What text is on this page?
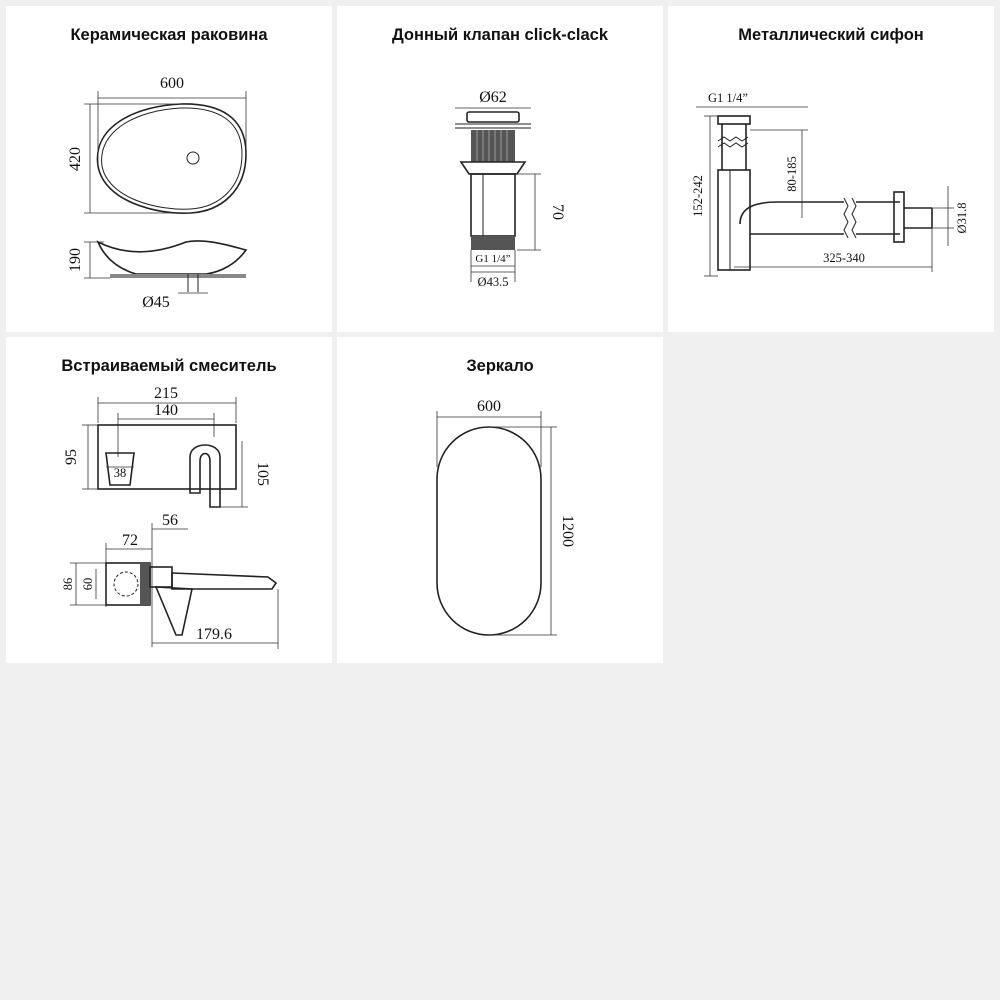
Керамическая раковина
600
420
190
Ø45
Донный клапан click-clack
Ø62
70
G1 1/4”
Ø43.5
Металлический сифон
G1 1/4”
152-242
80-185
325-340
Ø31.8
Встраиваемый смеситель
215
140
38
95
105
56
72
86 60
179.6
Зеркало
600
1200
